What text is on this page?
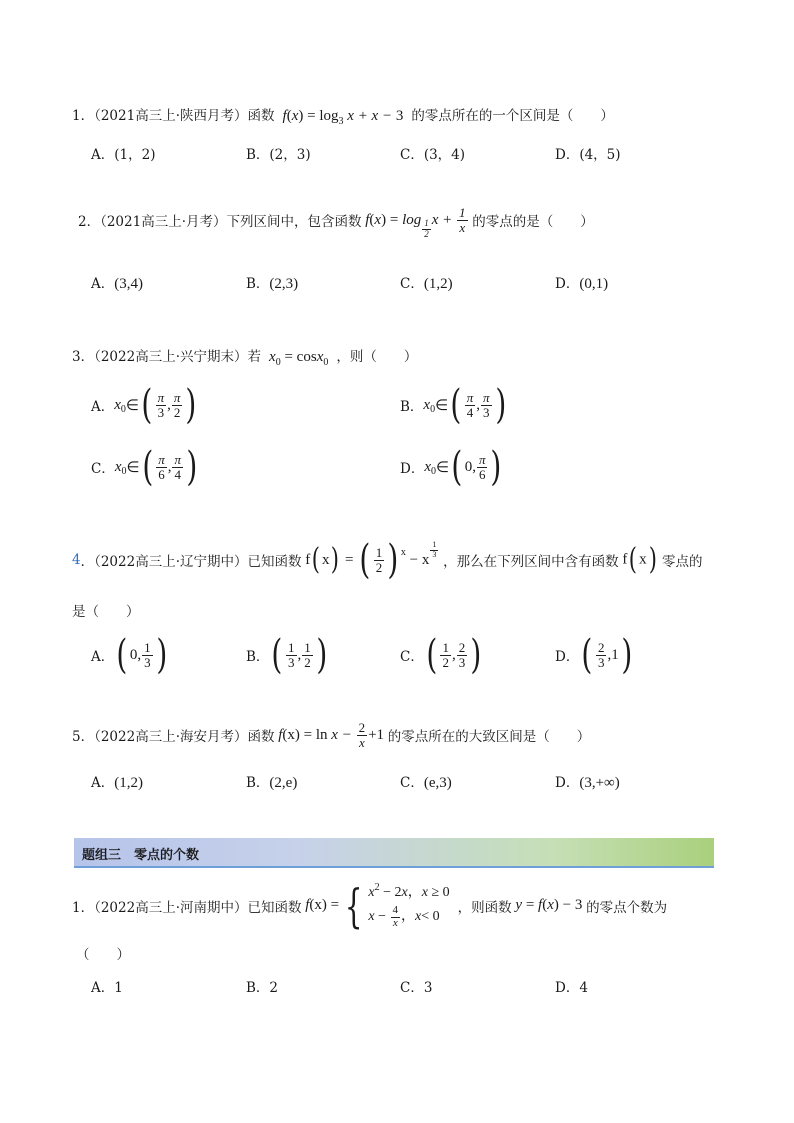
1．（2021高三上·陕西月考）函数  $f(x) = \log_3 x + x - 3$ 的零点所在的一个区间是（　　）
A．(1，2)	B．(2，3)	C．(3，4)	D．(4，5)
2．（2021高三上·月考）下列区间中，包含函数 f ( x ) = $\log \frac{1}{2}$ $x + \frac{1}{x}$
的零点的是（　　）
A．(3,4)	B．(2,3)	C．(1,2)	D．(0,1)
3．（2022高三上·兴宁期末）若  $x_0 = \cos x_0$ ，则（　　）
A． x 0 ∈ ( $\frac{\pi}{3}$ , $\frac{\pi}{2}$ )	B． x 0 ∈ ( $\frac{\pi}{4}$ , $\frac{\pi}{3}$ )
C． x 0 ∈ ( $\frac{\pi}{6}$ , $\frac{\pi}{4}$ )	D． x 0 ∈ ( 0, $\frac{\pi}{6}$ )
4 ．（2022高三上·辽宁期中）已知函数 f ( x ) = ( $\frac{1}{2}$ ) x − x
$\frac{1}{3}$

，那么在下列区间中含有函数 f( x) 零点的
是（　　）
A． ( 0, $\frac{1}{3}$ )	B． ( $\frac{1}{3}$ , $\frac{1}{2}$ )	C． ( $\frac{1}{2}$ , $\frac{2}{3}$ )	D． ( $\frac{2}{3} ,1$ )
5．（2022高三上·海安月考）函数 f $(x) = \ln x - \frac{2}{x} +1$
的零点所在的大致区间是（　　）
A．(1,2)	B．(2,e)	C．(e,3)	D．(3,+∞)
题组三　零点的个数
1．（2022高三上·河南期中）已知函数 f (x) = { $x^2 - 2x$，x ≥ 0
$x - \frac{4}{x}$ ， x < 0
，则函数 y = f(x) − 3 的零点个数为
（　　）
A．1	B．2	C．3	D．4
